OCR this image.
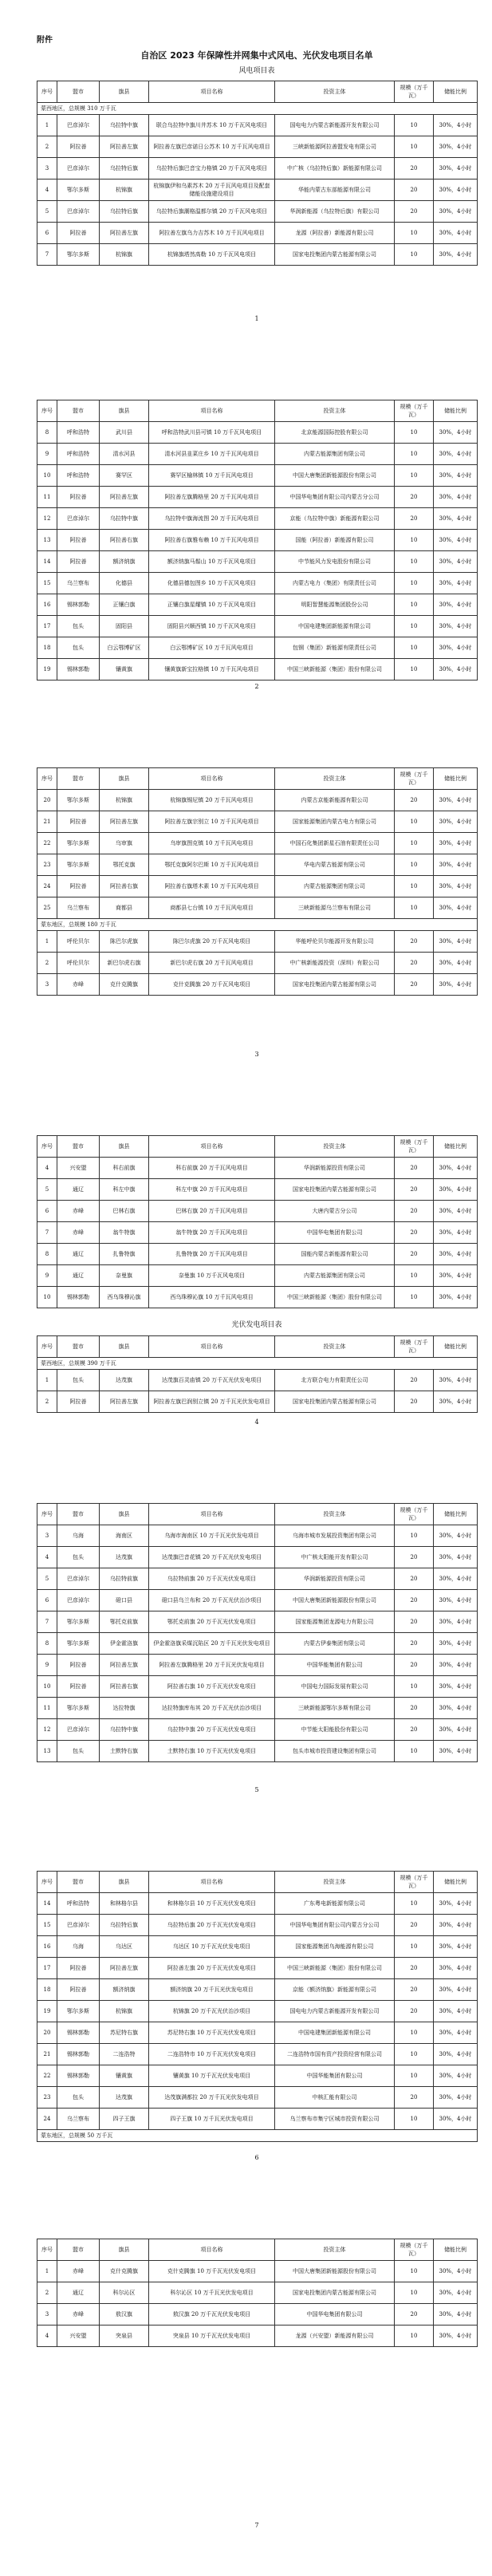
附件
自治区 2023 年保障性并网集中式风电、光伏发电项目名单
风电项目表
序号	盟市	旗县	项目名称	投资主体	规模（万千瓦）	储能比例
蒙西地区，总规模 310 万千瓦						
1	巴彦淖尔	乌拉特中旗	联合乌拉特中旗川井苏木 10 万千瓦风电项目	国电电力内蒙古新能源开发有限公司	10	30%，4小时
2	阿拉善	阿拉善左旗	阿拉善左旗巴彦诺日公苏木 10 万千瓦风电项目	三峡新能源阿拉善盟发电有限公司	10	30%，4小时
3	巴彦淖尔	乌拉特后旗	乌拉特后旗巴音宝力格镇 20 万千瓦风电项目	中广核（乌拉特后旗）新能源有限公司	20	30%，4小时
4	鄂尔多斯	杭锦旗	杭锦旗伊和乌素苏木 20 万千瓦风电项目及配套储能设施建设项目	华能内蒙古东部能源有限公司	20	30%，4小时
5	巴彦淖尔	乌拉特后旗	乌拉特后旗潮格温都尔镇 20 万千瓦风电项目	华润新能源（乌拉特后旗）有限公司	20	30%，4小时
6	阿拉善	阿拉善左旗	阿拉善左旗乌力吉苏木 10 万千瓦风电项目	龙源（阿拉善）新能源有限公司	10	30%，4小时
7	鄂尔多斯	杭锦旗	杭锦旗塔然高勒 10 万千瓦风电项目	国家电投集团内蒙古能源有限公司	10	30%，4小时
1
序号	盟市	旗县	项目名称	投资主体	规模（万千瓦）	储能比例
8	呼和浩特	武川县	呼和浩特武川县可镇 10 万千瓦风电项目	北京能源国际控股有限公司	10	30%，4小时
9	呼和浩特	清水河县	清水河县韭菜庄乡 10 万千瓦风电项目	内蒙古能源集团有限公司	10	30%，4小时
10	呼和浩特	赛罕区	赛罕区榆林镇 10 万千瓦风电项目	中国大唐集团新能源股份有限公司	10	30%，4小时
11	阿拉善	阿拉善左旗	阿拉善左旗腾格里 20 万千瓦风电项目	中国华电集团有限公司内蒙古分公司	20	30%，4小时
12	巴彦淖尔	乌拉特中旗	乌拉特中旗海流图 20 万千瓦风电项目	京能（乌拉特中旗）新能源有限公司	20	30%，4小时
13	阿拉善	阿拉善右旗	阿拉善右旗雅布赖 10 万千瓦风电项目	国能（阿拉善）新能源有限公司	10	30%，4小时
14	阿拉善	额济纳旗	额济纳旗马鬃山 10 万千瓦风电项目	中节能风力发电股份有限公司	10	30%，4小时
15	乌兰察布	化德县	化德县德包图乡 10 万千瓦风电项目	内蒙古电力（集团）有限责任公司	10	30%，4小时
16	锡林郭勒	正镶白旗	正镶白旗星耀镇 10 万千瓦风电项目	明阳智慧能源集团股份公司	10	30%，4小时
17	包头	固阳县	固阳县兴顺西镇 10 万千瓦风电项目	中国电建集团新能源有限公司	10	30%，4小时
18	包头	白云鄂博矿区	白云鄂博矿区 10 万千瓦风电项目	包钢（集团）新能源有限责任公司	10	30%，4小时
19	锡林郭勒	镶黄旗	镶黄旗新宝拉格镇 10 万千瓦风电项目	中国三峡新能源（集团）股份有限公司	10	30%，4小时
2
序号	盟市	旗县	项目名称	投资主体	规模（万千瓦）	储能比例
20	鄂尔多斯	杭锦旗	杭锦旗锡尼镇 20 万千瓦风电项目	内蒙古京能新能源有限公司	20	30%，4小时
21	阿拉善	阿拉善左旗	阿拉善左旗宗别立 10 万千瓦风电项目	国家能源集团内蒙古电力有限公司	10	30%，4小时
22	鄂尔多斯	乌审旗	乌审旗图克镇 10 万千瓦风电项目	中国石化集团新星石油有限责任公司	10	30%，4小时
23	鄂尔多斯	鄂托克旗	鄂托克旗阿尔巴斯 10 万千瓦风电项目	华电内蒙古能源有限公司	10	30%，4小时
24	阿拉善	阿拉善右旗	阿拉善右旗塔木素 10 万千瓦风电项目	内蒙古能源集团有限公司	10	30%，4小时
25	乌兰察布	商都县	商都县七台镇 10 万千瓦风电项目	三峡新能源乌兰察布有限公司	10	30%，4小时
蒙东地区，总规模 180 万千瓦						
1	呼伦贝尔	陈巴尔虎旗	陈巴尔虎旗 20 万千瓦风电项目	华能呼伦贝尔能源开发有限公司	20	30%，4小时
2	呼伦贝尔	新巴尔虎右旗	新巴尔虎右旗 20 万千瓦风电项目	中广核新能源投资（深圳）有限公司	20	30%，4小时
3	赤峰	克什克腾旗	克什克腾旗 20 万千瓦风电项目	国家电投集团内蒙古能源有限公司	20	30%，4小时
3
序号	盟市	旗县	项目名称	投资主体	规模（万千瓦）	储能比例
4	兴安盟	科右前旗	科右前旗 20 万千瓦风电项目	华润新能源投资有限公司	20	30%，4小时
5	通辽	科左中旗	科左中旗 20 万千瓦风电项目	国家电投集团内蒙古能源有限公司	20	30%，4小时
6	赤峰	巴林右旗	巴林右旗 20 万千瓦风电项目	大唐内蒙古分公司	20	30%，4小时
7	赤峰	翁牛特旗	翁牛特旗 20 万千瓦风电项目	中国华电集团有限公司	20	30%，4小时
8	通辽	扎鲁特旗	扎鲁特旗 20 万千瓦风电项目	国能内蒙古新能源有限公司	20	30%，4小时
9	通辽	奈曼旗	奈曼旗 10 万千瓦风电项目	内蒙古能源集团有限公司	10	30%，4小时
10	锡林郭勒	西乌珠穆沁旗	西乌珠穆沁旗 10 万千瓦风电项目	中国三峡新能源（集团）股份有限公司	10	30%，4小时
光伏发电项目表
序号	盟市	旗县	项目名称	投资主体	规模（万千瓦）	储能比例
蒙西地区，总规模 390 万千瓦						
1	包头	达茂旗	达茂旗百灵庙镇 20 万千瓦光伏发电项目	北方联合电力有限责任公司	20	30%，4小时
2	阿拉善	阿拉善左旗	阿拉善左旗巴润别立镇 20 万千瓦光伏发电项目	国家电投集团内蒙古能源有限公司	20	30%，4小时
4
序号	盟市	旗县	项目名称	投资主体	规模（万千瓦）	储能比例
3	乌海	海南区	乌海市海南区 10 万千瓦光伏发电项目	乌海市城市发展投资集团有限公司	10	30%，4小时
4	包头	达茂旗	达茂旗巴音花镇 20 万千瓦光伏发电项目	中广核太阳能开发有限公司	20	30%，4小时
5	巴彦淖尔	乌拉特前旗	乌拉特前旗 20 万千瓦光伏发电项目	华润新能源投资有限公司	20	30%，4小时
6	巴彦淖尔	磴口县	磴口县乌兰布和 20 万千瓦光伏治沙项目	中国大唐集团新能源股份有限公司	20	30%，4小时
7	鄂尔多斯	鄂托克前旗	鄂托克前旗 20 万千瓦光伏发电项目	国家能源集团龙源电力有限公司	20	30%，4小时
8	鄂尔多斯	伊金霍洛旗	伊金霍洛旗采煤沉陷区 20 万千瓦光伏发电项目	内蒙古伊泰集团有限公司	20	30%，4小时
9	阿拉善	阿拉善左旗	阿拉善左旗腾格里 20 万千瓦光伏发电项目	中国华能集团有限公司	20	30%，4小时
10	阿拉善	阿拉善右旗	阿拉善右旗 10 万千瓦光伏发电项目	中国电力国际发展有限公司	10	30%，4小时
11	鄂尔多斯	达拉特旗	达拉特旗库布其 20 万千瓦光伏治沙项目	三峡新能源鄂尔多斯有限公司	20	30%，4小时
12	巴彦淖尔	乌拉特中旗	乌拉特中旗 20 万千瓦光伏发电项目	中节能太阳能股份有限公司	20	30%，4小时
13	包头	土默特右旗	土默特右旗 10 万千瓦光伏发电项目	包头市城市投资建设集团有限公司	10	30%，4小时
5
序号	盟市	旗县	项目名称	投资主体	规模（万千瓦）	储能比例
14	呼和浩特	和林格尔县	和林格尔县 10 万千瓦光伏发电项目	广东粤电新能源有限公司	10	30%，4小时
15	巴彦淖尔	乌拉特后旗	乌拉特后旗 20 万千瓦光伏发电项目	中国华电集团有限公司内蒙古分公司	20	30%，4小时
16	乌海	乌达区	乌达区 10 万千瓦光伏发电项目	国家能源集团乌海能源有限公司	10	30%，4小时
17	阿拉善	阿拉善左旗	阿拉善左旗 20 万千瓦光伏发电项目	中国三峡新能源（集团）股份有限公司	20	30%，4小时
18	阿拉善	额济纳旗	额济纳旗 20 万千瓦光伏发电项目	京能（额济纳旗）新能源有限公司	20	30%，4小时
19	鄂尔多斯	杭锦旗	杭锦旗 20 万千瓦光伏治沙项目	国电电力内蒙古新能源开发有限公司	20	30%，4小时
20	锡林郭勒	苏尼特右旗	苏尼特右旗 10 万千瓦光伏发电项目	中国电建集团新能源有限公司	10	30%，4小时
21	锡林郭勒	二连浩特	二连浩特市 10 万千瓦光伏发电项目	二连浩特市国有资产投资经营有限公司	10	30%，4小时
22	锡林郭勒	镶黄旗	镶黄旗 10 万千瓦光伏发电项目	中国华能集团有限公司	10	30%，4小时
23	包头	达茂旗	达茂旗满都拉 20 万千瓦光伏发电项目	中核汇能有限公司	20	30%，4小时
24	乌兰察布	四子王旗	四子王旗 10 万千瓦光伏发电项目	乌兰察布市集宁区城市投资有限公司	10	30%，4小时
蒙东地区，总规模 50 万千瓦						
6
序号	盟市	旗县	项目名称	投资主体	规模（万千瓦）	储能比例
1	赤峰	克什克腾旗	克什克腾旗 10 万千瓦光伏发电项目	中国大唐集团新能源股份有限公司	10	30%，4小时
2	通辽	科尔沁区	科尔沁区 10 万千瓦光伏发电项目	国家电投集团内蒙古能源有限公司	10	30%，4小时
3	赤峰	敖汉旗	敖汉旗 20 万千瓦光伏发电项目	中国华电集团有限公司	20	30%，4小时
4	兴安盟	突泉县	突泉县 10 万千瓦光伏发电项目	龙源（兴安盟）新能源有限公司	10	30%，4小时
7
